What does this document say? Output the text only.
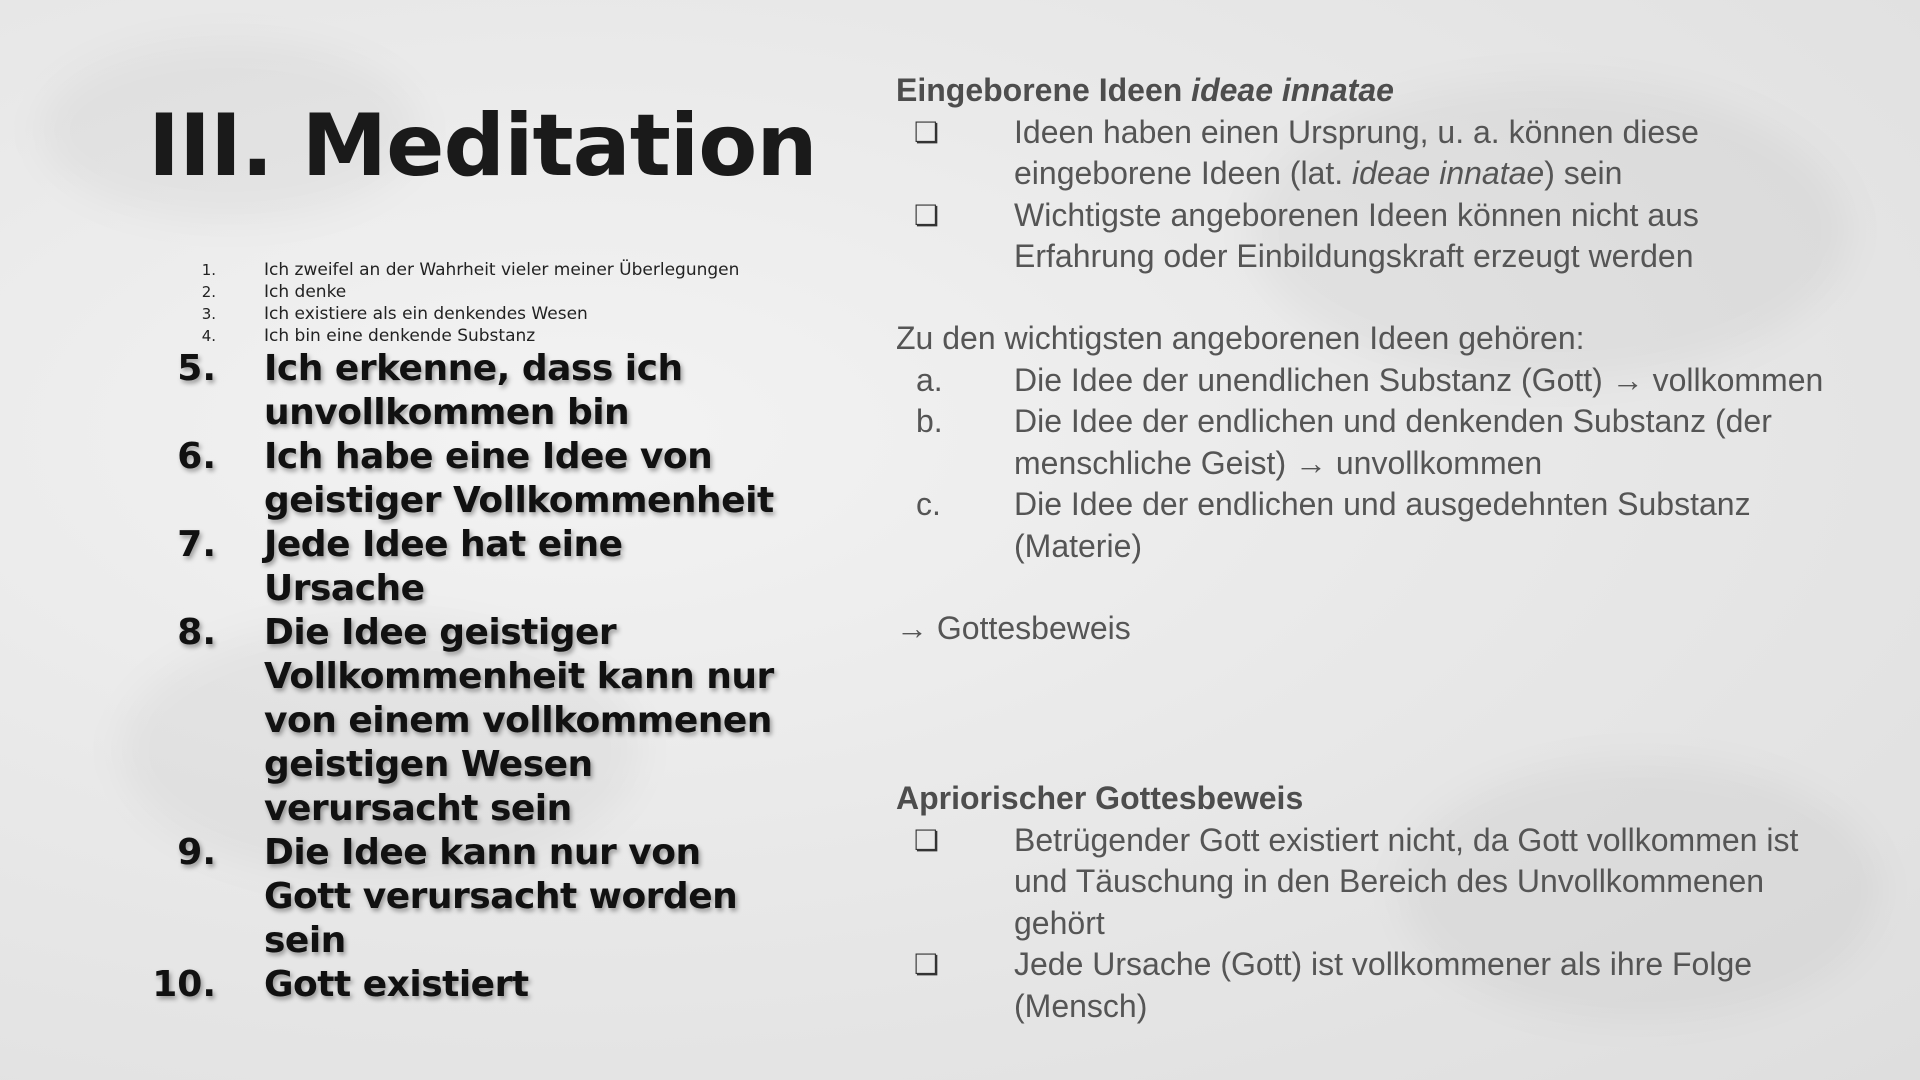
III. Meditation
1.	Ich zweifel an der Wahrheit vieler meiner Überlegungen
2.	Ich denke
3.	Ich existiere als ein denkendes Wesen
4.	Ich bin eine denkende Substanz
5. Ich erkenne, dass ich unvollkommen bin
6. Ich habe eine Idee von geistiger Vollkommenheit
7. Jede Idee hat eine Ursache
8. Die Idee geistiger Vollkommenheit kann nur von einem vollkommenen geistigen Wesen verursacht sein
9. Die Idee kann nur von Gott verursacht worden sein
10. Gott existiert
Eingeborene Ideen ideae innatae
❏	Ideen haben einen Ursprung, u. a. können diese eingeborene Ideen (lat. ideae innatae) sein
❏	Wichtigste angeborenen Ideen können nicht aus Erfahrung oder Einbildungskraft erzeugt werden
Zu den wichtigsten angeborenen Ideen gehören:
a.	Die Idee der unendlichen Substanz (Gott) → vollkommen
b.	Die Idee der endlichen und denkenden Substanz (der menschliche Geist) → unvollkommen
c.	Die Idee der endlichen und ausgedehnten Substanz (Materie)
→ Gottesbeweis
Apriorischer Gottesbeweis
❏	Betrügender Gott existiert nicht, da Gott vollkommen ist und Täuschung in den Bereich des Unvollkommenen gehört
❏	Jede Ursache (Gott) ist vollkommener als ihre Folge (Mensch)
